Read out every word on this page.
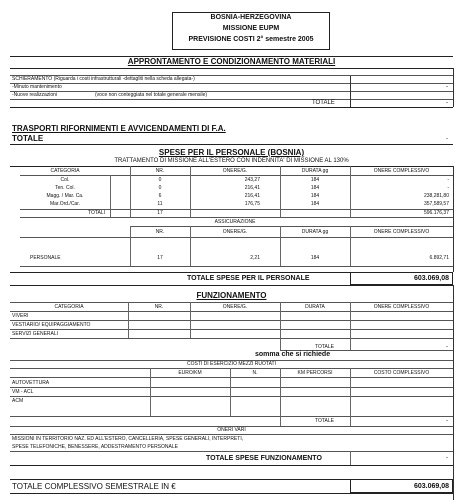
BOSNIA-HERZEGOVINA
MISSIONE EUPM
PREVISIONE COSTI 2° semestre 2005
APPRONTAMENTO E CONDIZIONAMENTO MATERIALI
SCHIERAMENTO (Riguarda i costi infrastrutturali -dettagliti nella scheda allegata-)
-Minuto mantenimento
-Nuove realizzazioni	(voce non conteggiata nel totale generale mensile)
TOTALE	-
-
TRASPORTI RIFORNIMENTI E AVVICENDAMENTI DI F.A.
TOTALE	-
SPESE PER IL PERSONALE (BOSNIA)
TRATTAMENTO DI MISSIONE ALL'ESTERO CON INDENNITA' DI MISSIONE AL 130%
CATEGORIA	NR.	ONERE/G.	DURATA gg	ONERE COMPLESSIVO
Col.	0	243,27	184	-
Ten. Col.	0	216,41	184	-
Magg. / Mar. Ca.	6	216,41	184	238,281,80
Mar.Ord./Car.	11	176,75	184	357,589,57
TOTALI	17	596.176,37
ASSICURAZIONE
NR.	ONERE/G.	DURATA gg	ONERE COMPLESSIVO
PERSONALE	17	2,21	184	6.892,71
TOTALE SPESE PER IL PERSONALE	603.069,08
FUNZIONAMENTO
CATEGORIA	NR.	ONERE/G.	DURATA	ONERE COMPLESSIVO
VIVERI
VESTIARIO/ EQUIPAGGIAMENTO
SERVIZI GENERALI
TOTALE	-
somma che si richiede
COSTI DI ESERCIZIO MEZZI RUOTATI
EURO/KM	N.	KM PERCORSI	COSTO COMPLESSIVO
AUTOVETTURA
VM - ACL
ACM
TOTALE	-
ONERI VARI
MISSIONI IN TERRITORIO NAZ. ED ALL'ESTERO, CANCELLERIA, SPESE GENERALI, INTERPRETI,
SPESE TELEFONICHE, BENESSERE, ADDESTRAMENTO PERSONALE
TOTALE SPESE FUNZIONAMENTO	-
TOTALE COMPLESSIVO SEMESTRALE IN €	603.069,08
